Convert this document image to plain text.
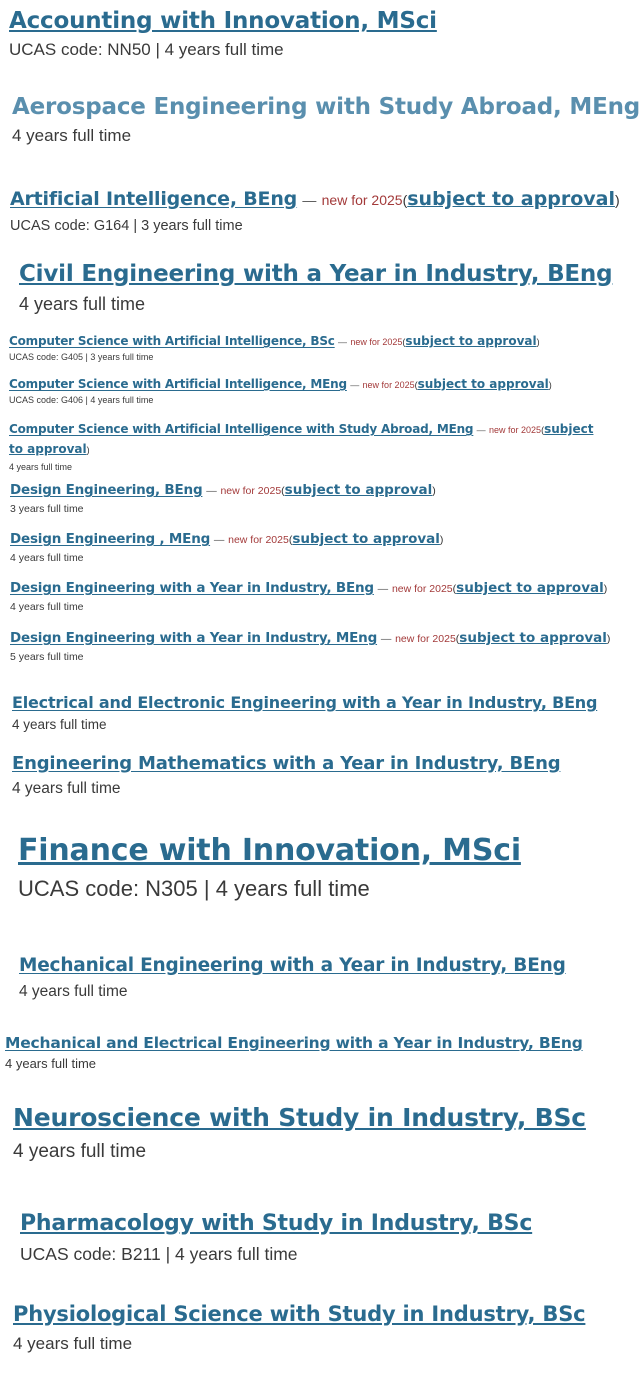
Accounting with Innovation, MSci
UCAS code: NN50 | 4 years full time
Aerospace Engineering with Study Abroad, MEng
4 years full time
Artificial Intelligence, BEng — new for 2025(subject to approval)
UCAS code: G164 | 3 years full time
Civil Engineering with a Year in Industry, BEng
4 years full time
Computer Science with Artificial Intelligence, BSc — new for 2025(subject to approval)
UCAS code: G405 | 3 years full time
Computer Science with Artificial Intelligence, MEng — new for 2025(subject to approval)
UCAS code: G406 | 4 years full time
Computer Science with Artificial Intelligence with Study Abroad, MEng — new for 2025(subject to approval)
4 years full time
Design Engineering, BEng — new for 2025(subject to approval)
3 years full time
Design Engineering , MEng — new for 2025(subject to approval)
4 years full time
Design Engineering with a Year in Industry, BEng — new for 2025(subject to approval)
4 years full time
Design Engineering with a Year in Industry, MEng — new for 2025(subject to approval)
5 years full time
Electrical and Electronic Engineering with a Year in Industry, BEng
4 years full time
Engineering Mathematics with a Year in Industry, BEng
4 years full time
Finance with Innovation, MSci
UCAS code: N305 | 4 years full time
Mechanical Engineering with a Year in Industry, BEng
4 years full time
Mechanical and Electrical Engineering with a Year in Industry, BEng
4 years full time
Neuroscience with Study in Industry, BSc
4 years full time
Pharmacology with Study in Industry, BSc
UCAS code: B211 | 4 years full time
Physiological Science with Study in Industry, BSc
4 years full time
